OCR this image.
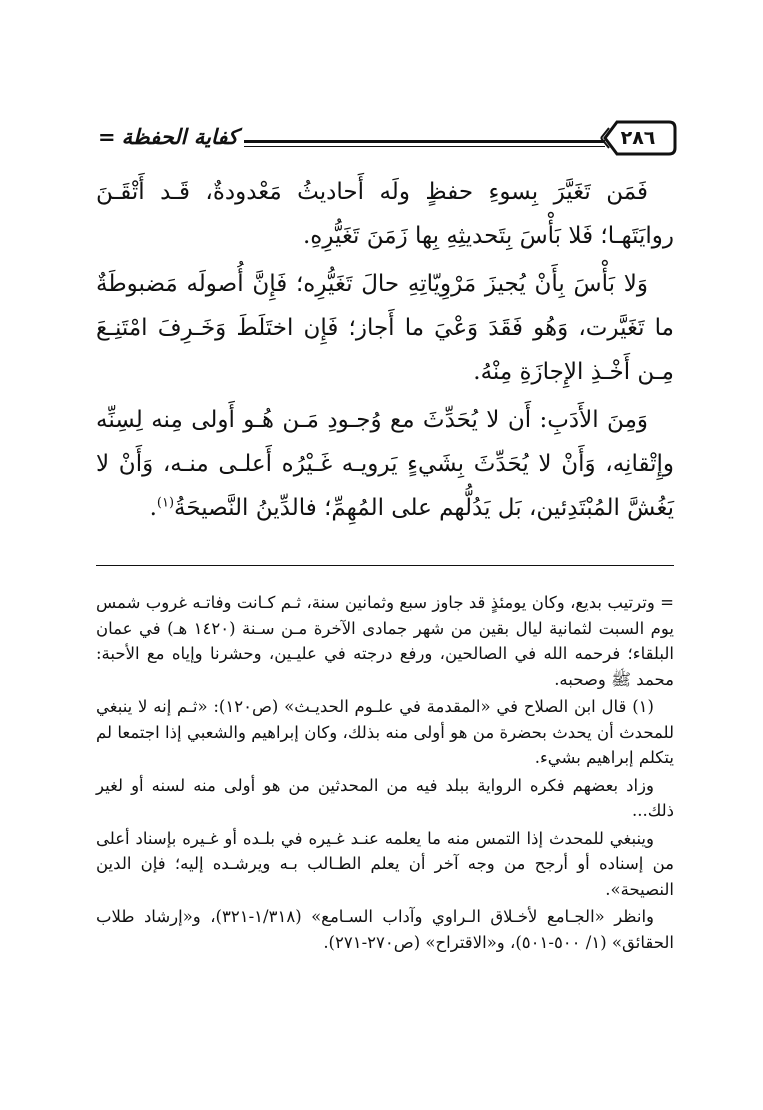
٢٨٦
كفاية الحفظة=

فَمَن تَغَيَّرَ بِسوءِ حفظٍ ولَه أَحاديثُ مَعْدودةٌ، قَـد أَتْقَـنَ روايَتَهـا؛ فَلا بَأْسَ بِتَحديثِهِ بِها زَمَنَ تَغَيُّرِهِ.

وَلا بَأْسَ بِأَنْ يُجيزَ مَرْوِيّاتِهِ حالَ تَغَيُّرِه؛ فَإِنَّ أُصولَه مَضبوطَةٌ ما تَغَيَّرت، وَهُو فَقَدَ وَعْيَ ما أَجاز؛ فَإِن اختَلَطَ وَخَـرِفَ امْتَنِـعَ مِـن أَخْـذِ الإِجازَةِ مِنْهُ.

وَمِنَ الأَدَبِ: أَن لا يُحَدِّثَ مع وُجـودِ مَـن هُـو أَولى مِنه لِسِنِّه وإِتْقانِه، وَأَنْ لا يُحَدِّثَ بِشَيءٍ يَرويـه غَـيْرُه أَعلـى منـه، وَأَنْ لا يَغُشَّ المُبْتَدِئين، بَل يَدُلُّهم على المُهِمِّ؛ فالدِّينُ النَّصيحَةُ$^{(١)}$.

= وترتيب بديع، وكان يومئذٍ قد جاوز سبع وثمانين سنة، ثـم كـانت وفاتـه غروب شمس يوم السبت لثمانية ليال بقين من شهر جمادى الآخرة مـن سـنة (١٤٢٠ هـ) في عمان البلقاء؛ فرحمه الله في الصالحين، ورفع درجته في عليـين، وحشرنا وإياه مع الأحبة: محمد ﷺ وصحبه.

(١) قال ابن الصلاح في «المقدمة في علـوم الحديـث» (ص١٢٠): «ثـم إنه لا ينبغي للمحدث أن يحدث بحضرة من هو أولى منه بذلك، وكان إبراهيم والشعبي إذا اجتمعا لم يتكلم إبراهيم بشيء.

وزاد بعضهم فكره الرواية ببلد فيه من المحدثين من هو أولى منه لسنه أو لغير ذلك...

وينبغي للمحدث إذا التمس منه ما يعلمه عنـد غـيره في بلـده أو غـيره بإسناد أعلى من إسناده أو أرجح من وجه آخر أن يعلم الطـالب بـه ويرشـده إليه؛ فإن الدين النصيحة».

وانظر «الجـامع لأخـلاق الـراوي وآداب السـامع» (١/٣١٨-٣٢١)، و«إرشاد طلاب الحقائق» (١/ ٥٠٠-٥٠١)، و«الاقتراح» (ص٢٧٠-٢٧١).
